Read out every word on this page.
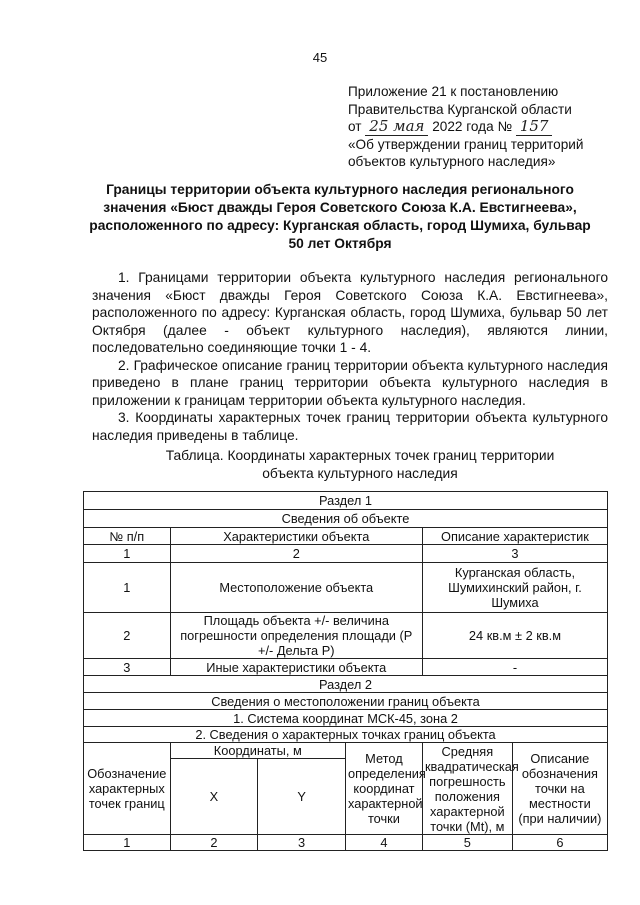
45
Приложение 21 к постановлению
Правительства Курганской области
от 25 мая 2022 года № 157
«Об утверждении границ территорий
объектов культурного наследия»
Границы территории объекта культурного наследия регионального значения «Бюст дважды Героя Советского Союза К.А. Евстигнеева», расположенного по адресу: Курганская область, город Шумиха, бульвар 50 лет Октября

1. Границами территории объекта культурного наследия регионального значения «Бюст дважды Героя Советского Союза К.А. Евстигнеева», расположенного по адресу: Курганская область, город Шумиха, бульвар 50 лет Октября (далее - объект культурного наследия), являются линии, последовательно соединяющие точки 1 - 4.

2. Графическое описание границ территории объекта культурного наследия приведено в плане границ территории объекта культурного наследия в приложении к границам территории объекта культурного наследия.

3. Координаты характерных точек границ территории объекта культурного наследия приведены в таблице.

Таблица. Координаты характерных точек границ территории
объекта культурного наследия
Раздел 1					
Сведения об объекте					
№ п/п	Характеристики объекта			Описание характеристик	
1	2			3	
1	Местоположение объекта			Курганская область, Шумихинский район, г. Шумиха	
2	Площадь объекта +/- величина погрешности определения площади (Р +/- Дельта Р)			24 кв.м ± 2 кв.м	
3	Иные характеристики объекта			-	
Раздел 2					
Сведения о местоположении границ объекта					
1. Система координат МСК-45, зона 2					
2. Сведения о характерных точках границ объекта					
Обозначение характерных точек границ	Координаты, м		Метод определения координат характерной точки	Средняя квадратическая погрешность положения характерной точки (Мt), м	Описание обозначения точки на местности (при наличии)
	X	Y			
1	2	3	4	5	6
